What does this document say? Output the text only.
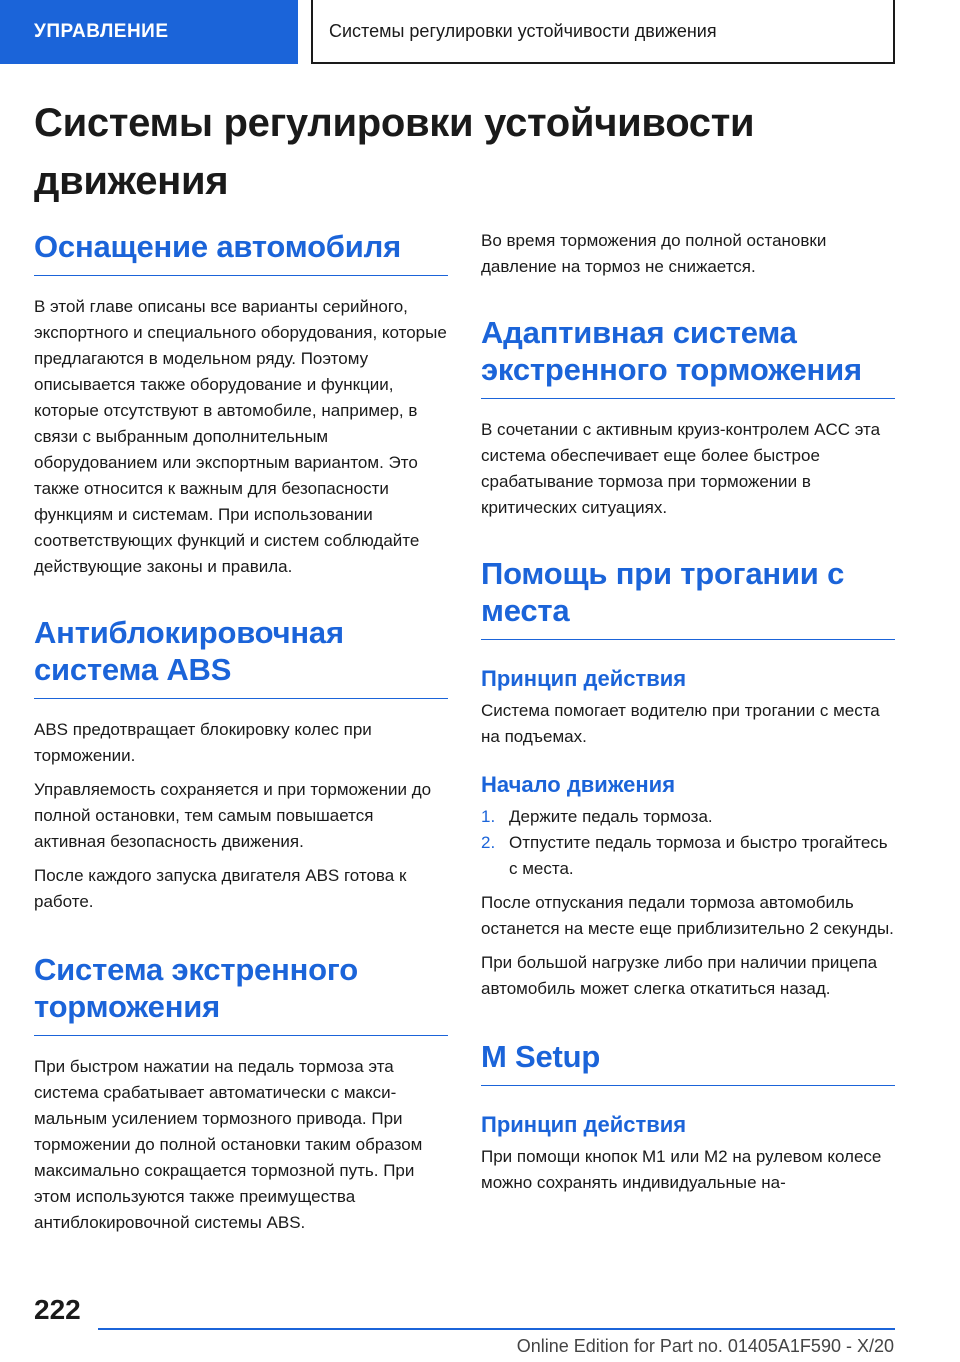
УПРАВЛЕНИЕ	Системы регулировки устойчивости движения
Системы регулировки устойчивости движения
Оснащение автомобиля

В этой главе описаны все варианты серийного, экспортного и специального оборудования, которые предлагаются в модельном ряду. Поэтому описывается также оборудование и функции, которые отсутствуют в автомобиле, например, в связи с выбранным дополнительным оборудованием или экспортным вариантом. Это также относится к важным для безопасности функциям и системам. При использовании соответствующих функций и систем соблюдайте действующие законы и правила.

Антиблокировочная система ABS

ABS предотвращает блокировку колес при торможении.

Управляемость сохраняется и при торможении до полной остановки, тем самым повышается активная безопасность движения.

После каждого запуска двигателя ABS готова к работе.

Система экстренного торможения

При быстром нажатии на педаль тормоза эта система срабатывает автоматически с максимальным усилением тормозного привода. При торможении до полной остановки таким образом максимально сокращается тормозной путь. При этом используются также преимущества антиблокировочной системы ABS.

Во время торможения до полной остановки давление на тормоз не снижается.

Адаптивная система экстренного торможения

В сочетании с активным круиз-контролем ACC эта система обеспечивает еще более быстрое срабатывание тормоза при торможении в критических ситуациях.

Помощь при трогании с места
Принцип действия

Система помогает водителю при трогании с места на подъемах.

Начало движения
1. Держите педаль тормоза.
2. Отпустите педаль тормоза и быстро трогайтесь с места.

После отпускания педали тормоза автомобиль останется на месте еще приблизительно 2 секунды.

При большой нагрузке либо при наличии прицепа автомобиль может слегка откатиться назад.

M Setup
Принцип действия

При помощи кнопок M1 или M2 на рулевом колесе можно сохранять индивидуальные на-

222
Online Edition for Part no. 01405A1F590 - X/20
